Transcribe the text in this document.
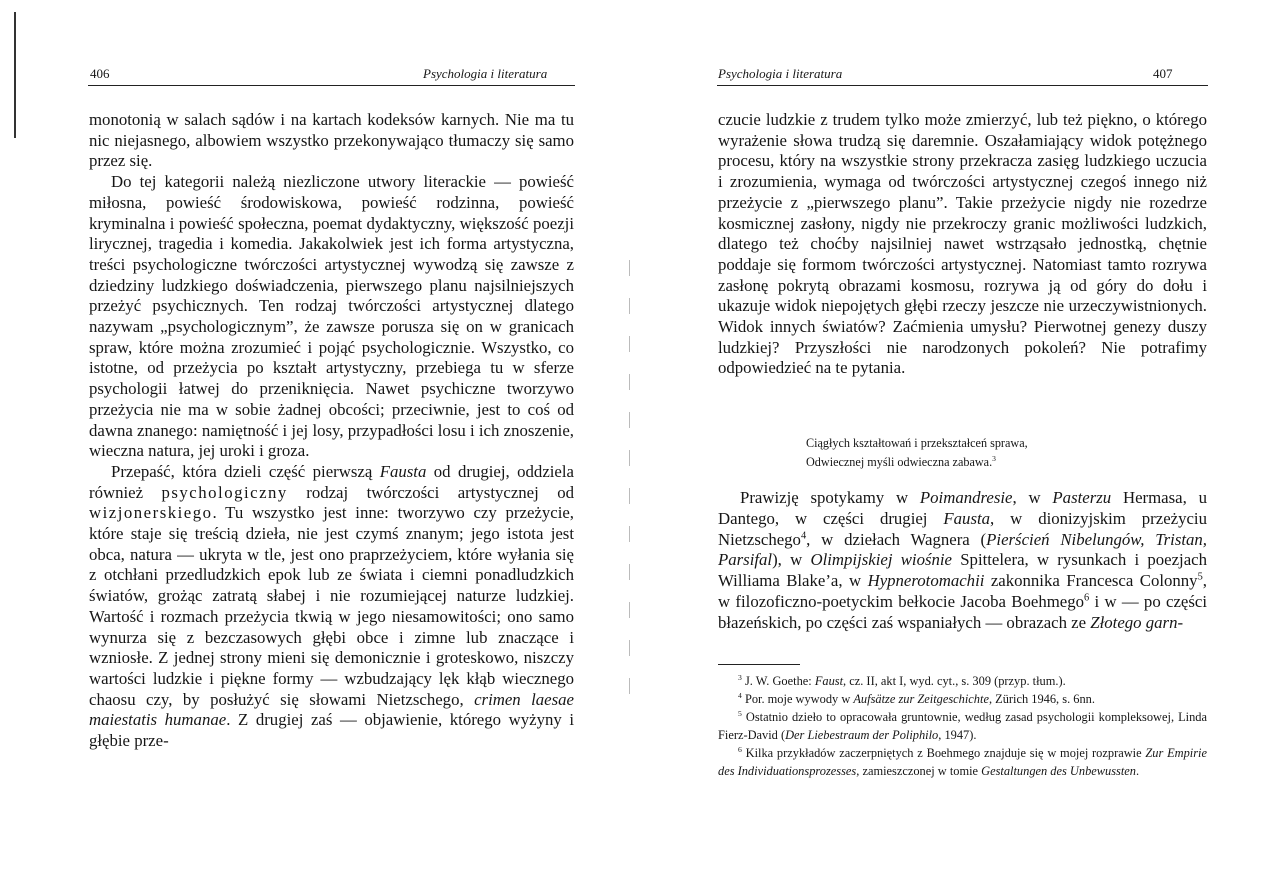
406	Psychologia i literatura

monotonią w salach sądów i na kartach kodeksów karnych. Nie ma tu nic niejasnego, albowiem wszystko przekonywająco tłumaczy się samo przez się.

Do tej kategorii należą niezliczone utwory literackie — powieść miłosna, powieść środowiskowa, powieść rodzinna, powieść kryminalna i powieść społeczna, poemat dydaktyczny, większość poezji lirycznej, tragedia i komedia. Jakakolwiek jest ich forma artystyczna, treści psychologiczne twórczości artystycznej wywodzą się zawsze z dziedziny ludzkiego doświadczenia, pierwszego planu najsilniejszych przeżyć psychicznych. Ten rodzaj twórczości artystycznej dlatego nazywam „psychologicznym”, że zawsze porusza się on w granicach spraw, które można zrozumieć i pojąć psychologicznie. Wszystko, co istotne, od przeżycia po kształt artystyczny, przebiega tu w sferze psychologii łatwej do przeniknięcia. Nawet psychiczne tworzywo przeżycia nie ma w sobie żadnej obcości; przeciwnie, jest to coś od dawna znanego: namiętność i jej losy, przypadłości losu i ich znoszenie, wieczna natura, jej uroki i groza.

Przepaść, która dzieli część pierwszą Fausta od drugiej, oddziela również psychologiczny rodzaj twórczości artystycznej od wizjonerskiego. Tu wszystko jest inne: tworzywo czy przeżycie, które staje się treścią dzieła, nie jest czymś znanym; jego istota jest obca, natura — ukryta w tle, jest ono praprzeżyciem, które wyłania się z otchłani przedludzkich epok lub ze świata i ciemni ponadludzkich światów, grożąc zatratą słabej i nie rozumiejącej naturze ludzkiej. Wartość i rozmach przeżycia tkwią w jego niesamowitości; ono samo wynurza się z bezczasowych głębi obce i zimne lub znaczące i wzniosłe. Z jednej strony mieni się demonicznie i groteskowo, niszczy wartości ludzkie i piękne formy — wzbudzający lęk kłąb wiecznego chaosu czy, by posłużyć się słowami Nietzschego, crimen laesae maiestatis humanae. Z drugiej zaś — objawienie, którego wyżyny i głębie prze-

Psychologia i literatura	407

czucie ludzkie z trudem tylko może zmierzyć, lub też piękno, o którego wyrażenie słowa trudzą się daremnie. Oszałamiający widok potężnego procesu, który na wszystkie strony przekracza zasięg ludzkiego uczucia i zrozumienia, wymaga od twórczości artystycznej czegoś innego niż przeżycie z „pierwszego planu”. Takie przeżycie nigdy nie rozedrze kosmicznej zasłony, nigdy nie przekroczy granic możliwości ludzkich, dlatego też choćby najsilniej nawet wstrząsało jednostką, chętnie poddaje się formom twórczości artystycznej. Natomiast tamto rozrywa zasłonę pokrytą obrazami kosmosu, rozrywa ją od góry do dołu i ukazuje widok niepojętych głębi rzeczy jeszcze nie urzeczywistnionych. Widok innych światów? Zaćmienia umysłu? Pierwotnej genezy duszy ludzkiej? Przyszłości nie narodzonych pokoleń? Nie potrafimy odpowiedzieć na te pytania.

Ciągłych kształtowań i przekształceń sprawa,
Odwiecznej myśli odwieczna zabawa.$^3$

Prawizję spotykamy w Poimandresie, w Pasterzu Hermasa, u Dantego, w części drugiej Fausta, w dionizyjskim przeżyciu Nietzschego$^4$, w dziełach Wagnera (Pierścień Nibelungów, Tristan, Parsifal), w Olimpijskiej wiośnie Spittelera, w rysunkach i poezjach Williama Blake’a, w Hypnerotomachii zakonnika Francesca Colonny$^5$, w filozoficzno-poetyckim bełkocie Jacoba Boehmego$^6$ i w — po części błazeńskich, po części zaś wspaniałych — obrazach ze Złotego garn-

$^3$ J. W. Goethe: Faust, cz. II, akt I, wyd. cyt., s. 309 (przyp. tłum.).

$^4$ Por. moje wywody w Aufsätze zur Zeitgeschichte, Zürich 1946, s. 6nn.

$^5$ Ostatnio dzieło to opracowała gruntownie, według zasad psychologii kompleksowej, Linda Fierz-David (Der Liebestraum der Poliphilo, 1947).

$^6$ Kilka przykładów zaczerpniętych z Boehmego znajduje się w mojej rozprawie Zur Empirie des Individuationsprozesses, zamieszczonej w tomie Gestaltungen des Unbewussten.
